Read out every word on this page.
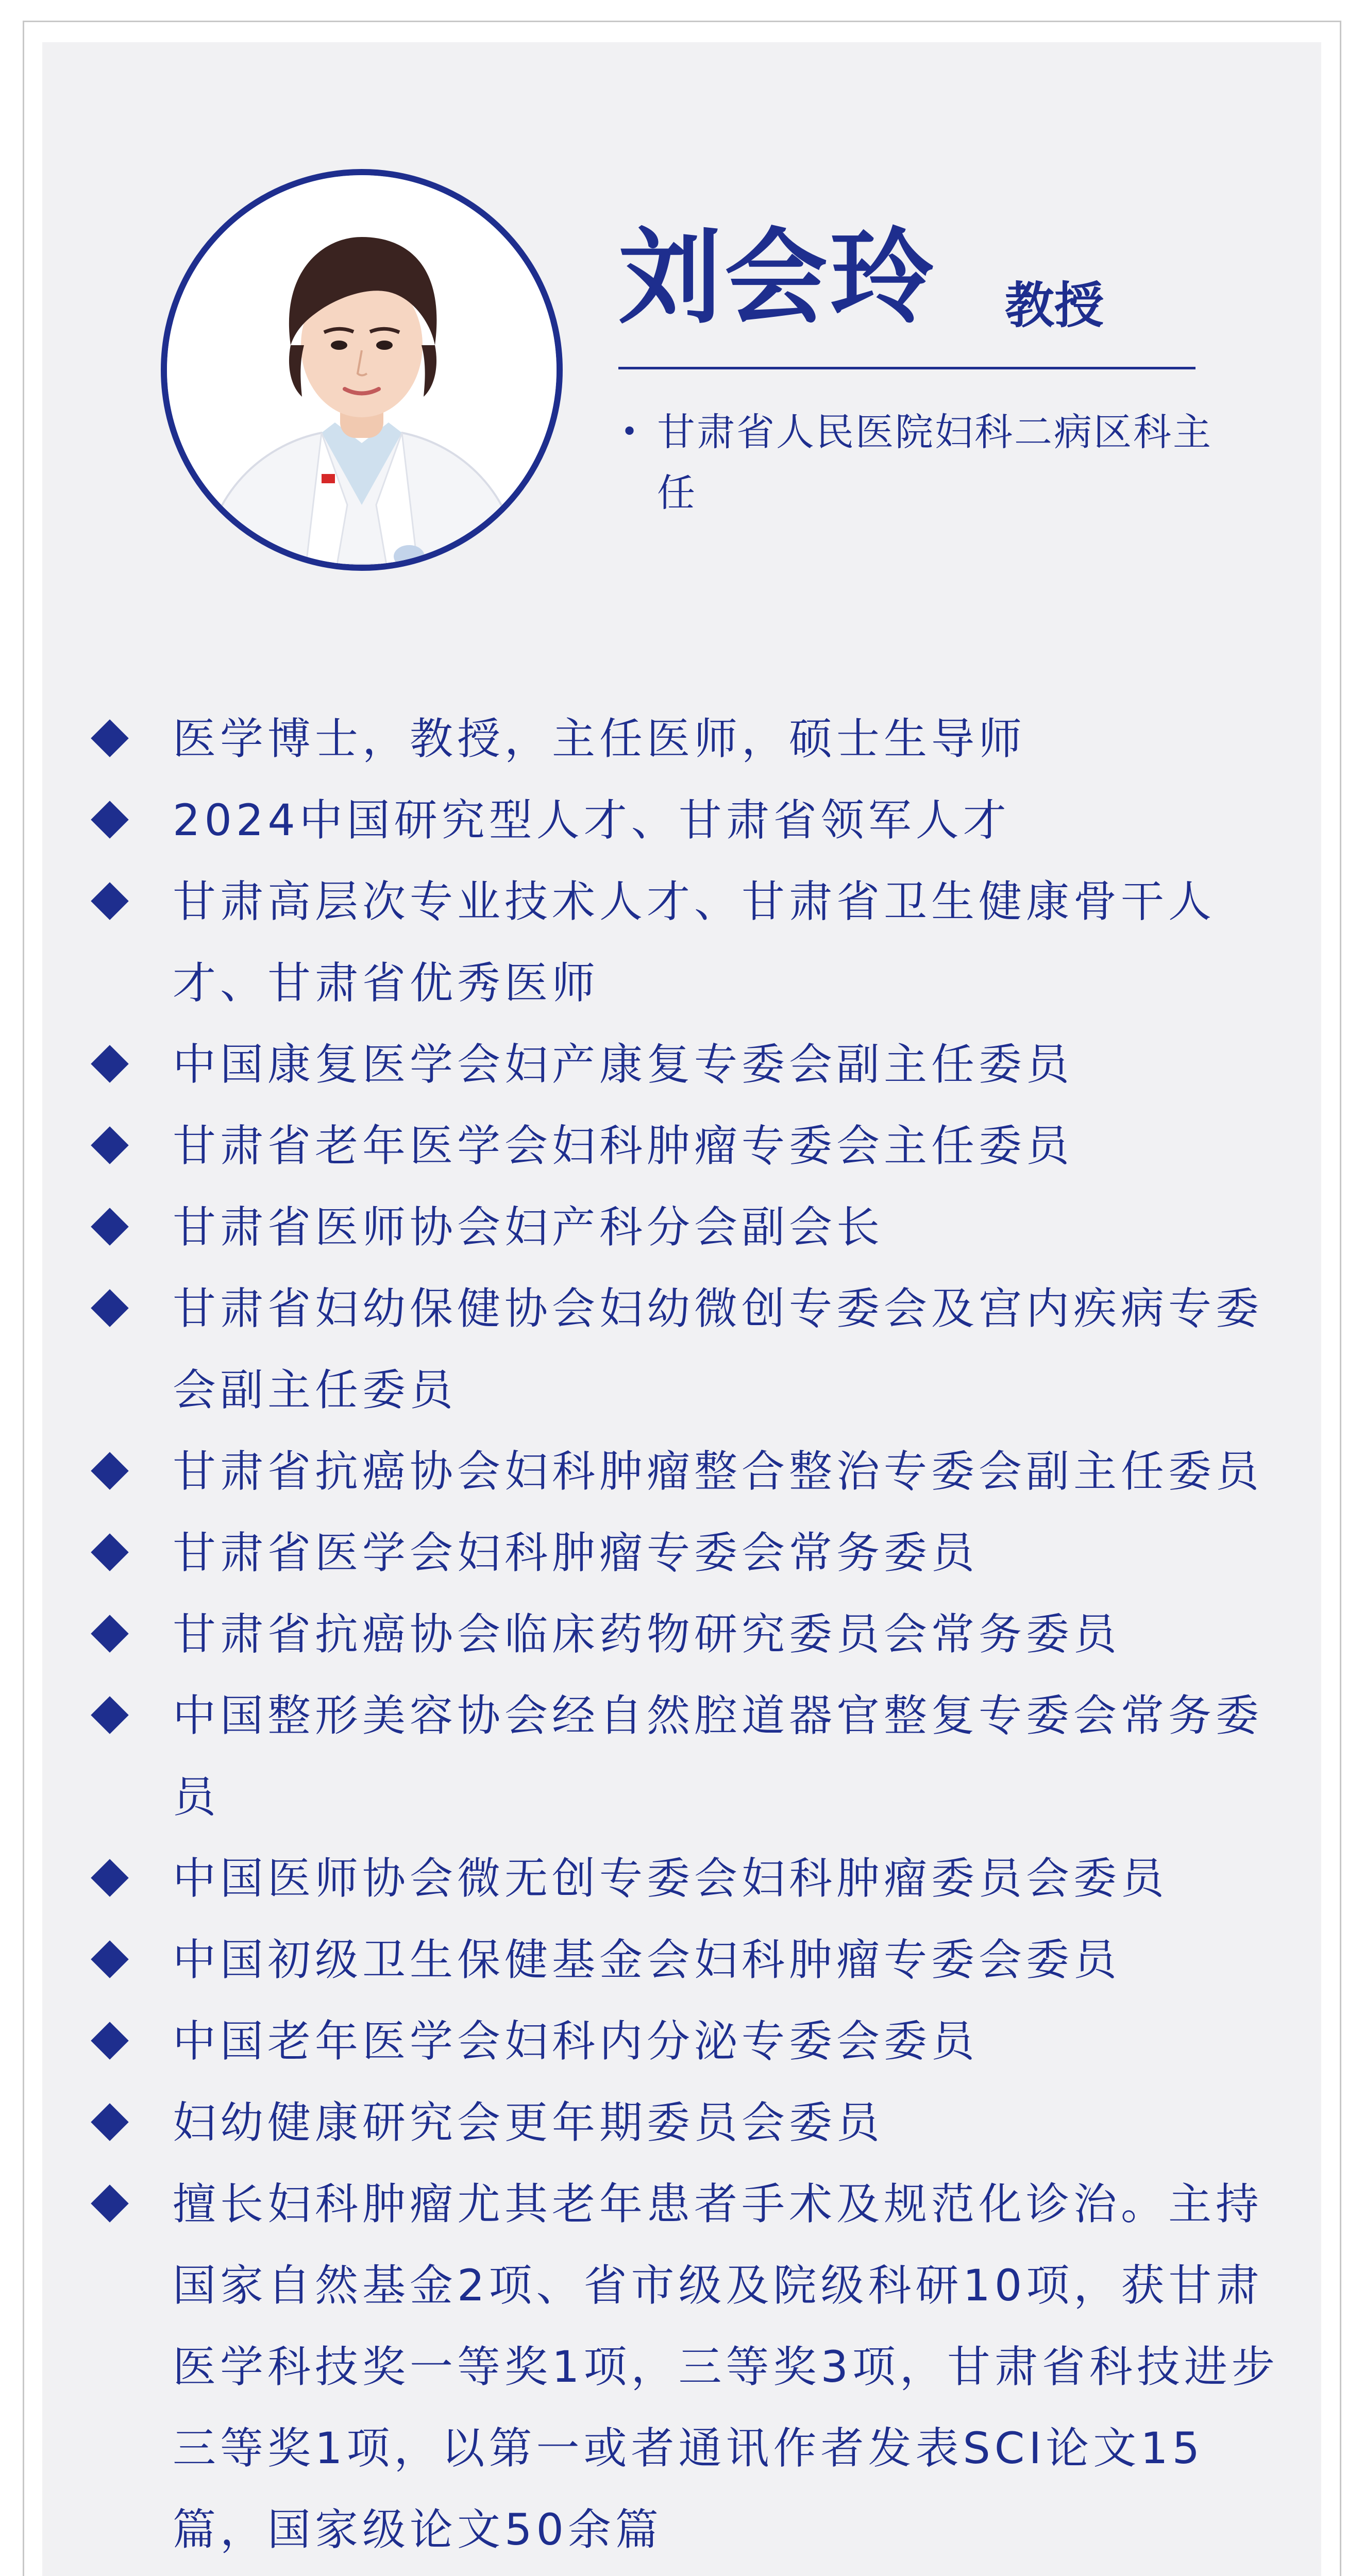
刘会玲 教授
• 甘肃省人民医院妇科二病区科主任
医学博士，教授，主任医师，硕士生导师
2024中国研究型人才、甘肃省领军人才
甘肃高层次专业技术人才、甘肃省卫生健康骨干人才、甘肃省优秀医师
中国康复医学会妇产康复专委会副主任委员
甘肃省老年医学会妇科肿瘤专委会主任委员
甘肃省医师协会妇产科分会副会长
甘肃省妇幼保健协会妇幼微创专委会及宫内疾病专委会副主任委员
甘肃省抗癌协会妇科肿瘤整合整治专委会副主任委员
甘肃省医学会妇科肿瘤专委会常务委员
甘肃省抗癌协会临床药物研究委员会常务委员
中国整形美容协会经自然腔道器官整复专委会常务委员
中国医师协会微无创专委会妇科肿瘤委员会委员
中国初级卫生保健基金会妇科肿瘤专委会委员
中国老年医学会妇科内分泌专委会委员
妇幼健康研究会更年期委员会委员
擅长妇科肿瘤尤其老年患者手术及规范化诊治。主持国家自然基金2项、省市级及院级科研10项，获甘肃医学科技奖一等奖1项，三等奖3项，甘肃省科技进步三等奖1项，以第一或者通讯作者发表SCI论文15篇，国家级论文50余篇
